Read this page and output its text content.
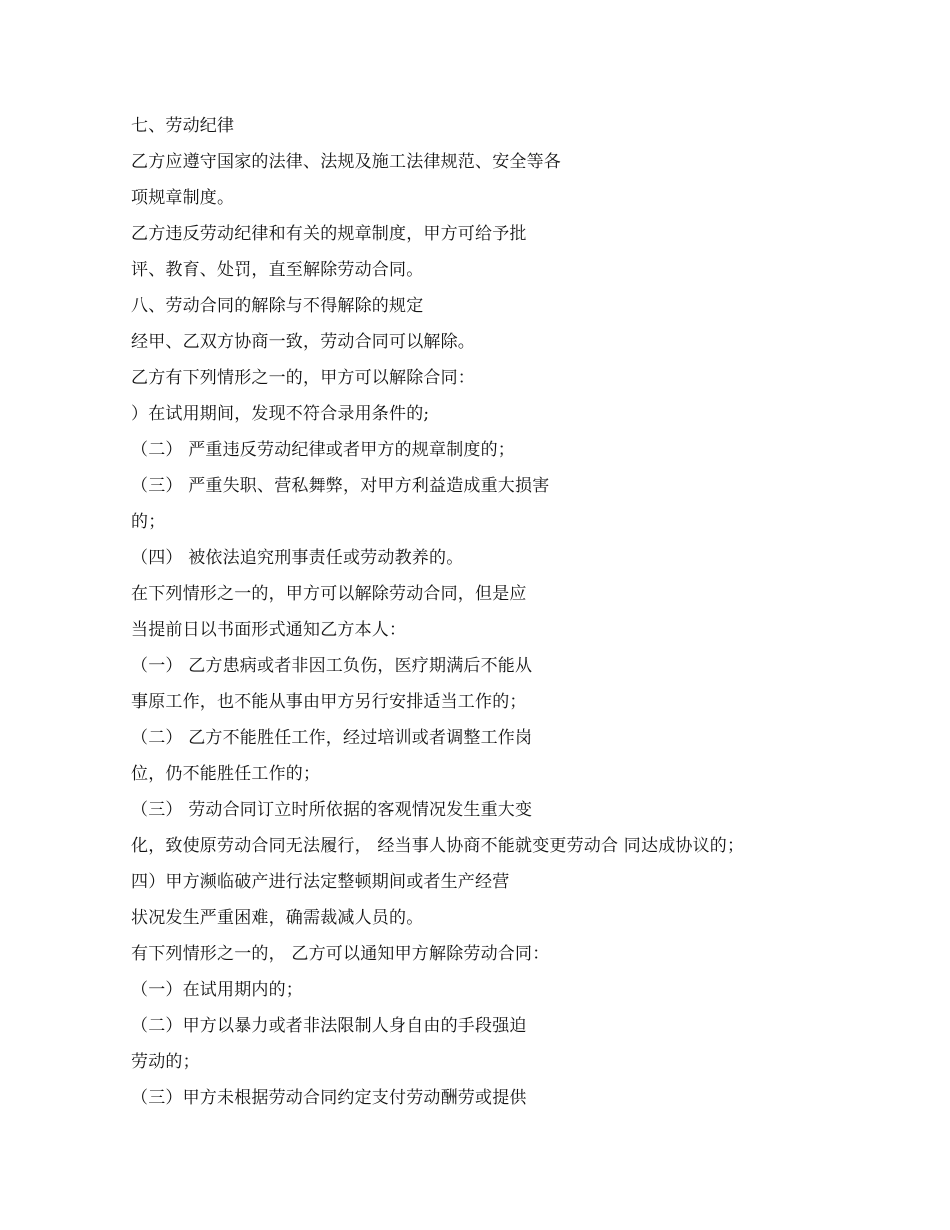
七、劳动纪律
乙方应遵守国家的法律、法规及施工法律规范、安全等各
项规章制度。
乙方违反劳动纪律和有关的规章制度，甲方可给予批
评、教育、处罚，直至解除劳动合同。
八、劳动合同的解除与不得解除的规定
经甲、乙双方协商一致，劳动合同可以解除。
乙方有下列情形之一的，甲方可以解除合同：
）在试用期间，发现不符合录用条件的;
（二） 严重违反劳动纪律或者甲方的规章制度的；
（三） 严重失职、营私舞弊，对甲方利益造成重大损害
的；
（四） 被依法追究刑事责任或劳动教养的。
在下列情形之一的，甲方可以解除劳动合同，但是应
当提前日以书面形式通知乙方本人：
（一） 乙方患病或者非因工负伤，医疗期满后不能从
事原工作，也不能从事由甲方另行安排适当工作的；
（二） 乙方不能胜任工作，经过培训或者调整工作岗
位，仍不能胜任工作的；
（三） 劳动合同订立时所依据的客观情况发生重大变
化，致使原劳动合同无法履行， 经当事人协商不能就变更劳动合 同达成协议的；
四）甲方濒临破产进行法定整顿期间或者生产经营
状况发生严重困难，确需裁减人员的。
有下列情形之一的， 乙方可以通知甲方解除劳动合同：
（一）在试用期内的；
（二）甲方以暴力或者非法限制人身自由的手段强迫
劳动的；
（三）甲方未根据劳动合同约定支付劳动酬劳或提供
